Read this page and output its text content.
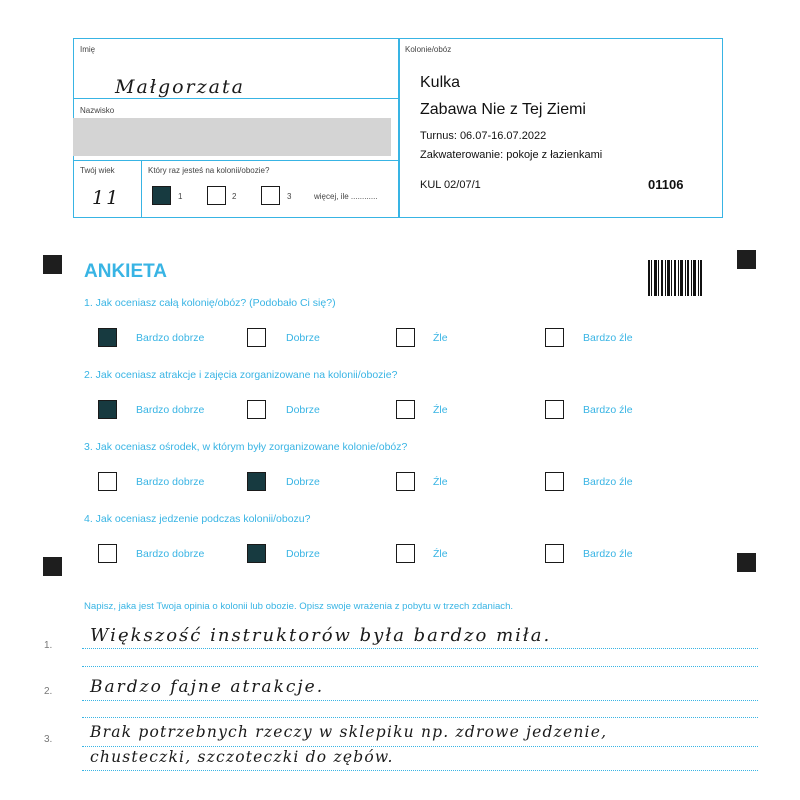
Imię
Małgorzata
Nazwisko
Twój wiek
11
Który raz jesteś na kolonii/obozie?
1	2	3	więcej, ile ............
Kolonie/obóz
Kulka
Zabawa Nie z Tej Ziemi
Turnus: 06.07-16.07.2022
Zakwaterowanie: pokoje z łazienkami
KUL 02/07/1	01106
ANKIETA
1. Jak oceniasz całą kolonię/obóz? (Podobało Ci się?)
Bardzo dobrze	Dobrze	Źle	Bardzo źle
2. Jak oceniasz atrakcje i zajęcia zorganizowane na kolonii/obozie?
Bardzo dobrze	Dobrze	Źle	Bardzo źle
3. Jak oceniasz ośrodek, w którym były zorganizowane kolonie/obóz?
Bardzo dobrze	Dobrze	Źle	Bardzo źle
4. Jak oceniasz jedzenie podczas kolonii/obozu?
Bardzo dobrze	Dobrze	Źle	Bardzo źle
Napisz, jaka jest Twoja opinia o kolonii lub obozie. Opisz swoje wrażenia z pobytu w trzech zdaniach.
1. Większość instruktorów była bardzo miła.
2. Bardzo fajne atrakcje.
3. Brak potrzebnych rzeczy w sklepiku np. zdrowe jedzenie,
chusteczki, szczoteczki do zębów.
